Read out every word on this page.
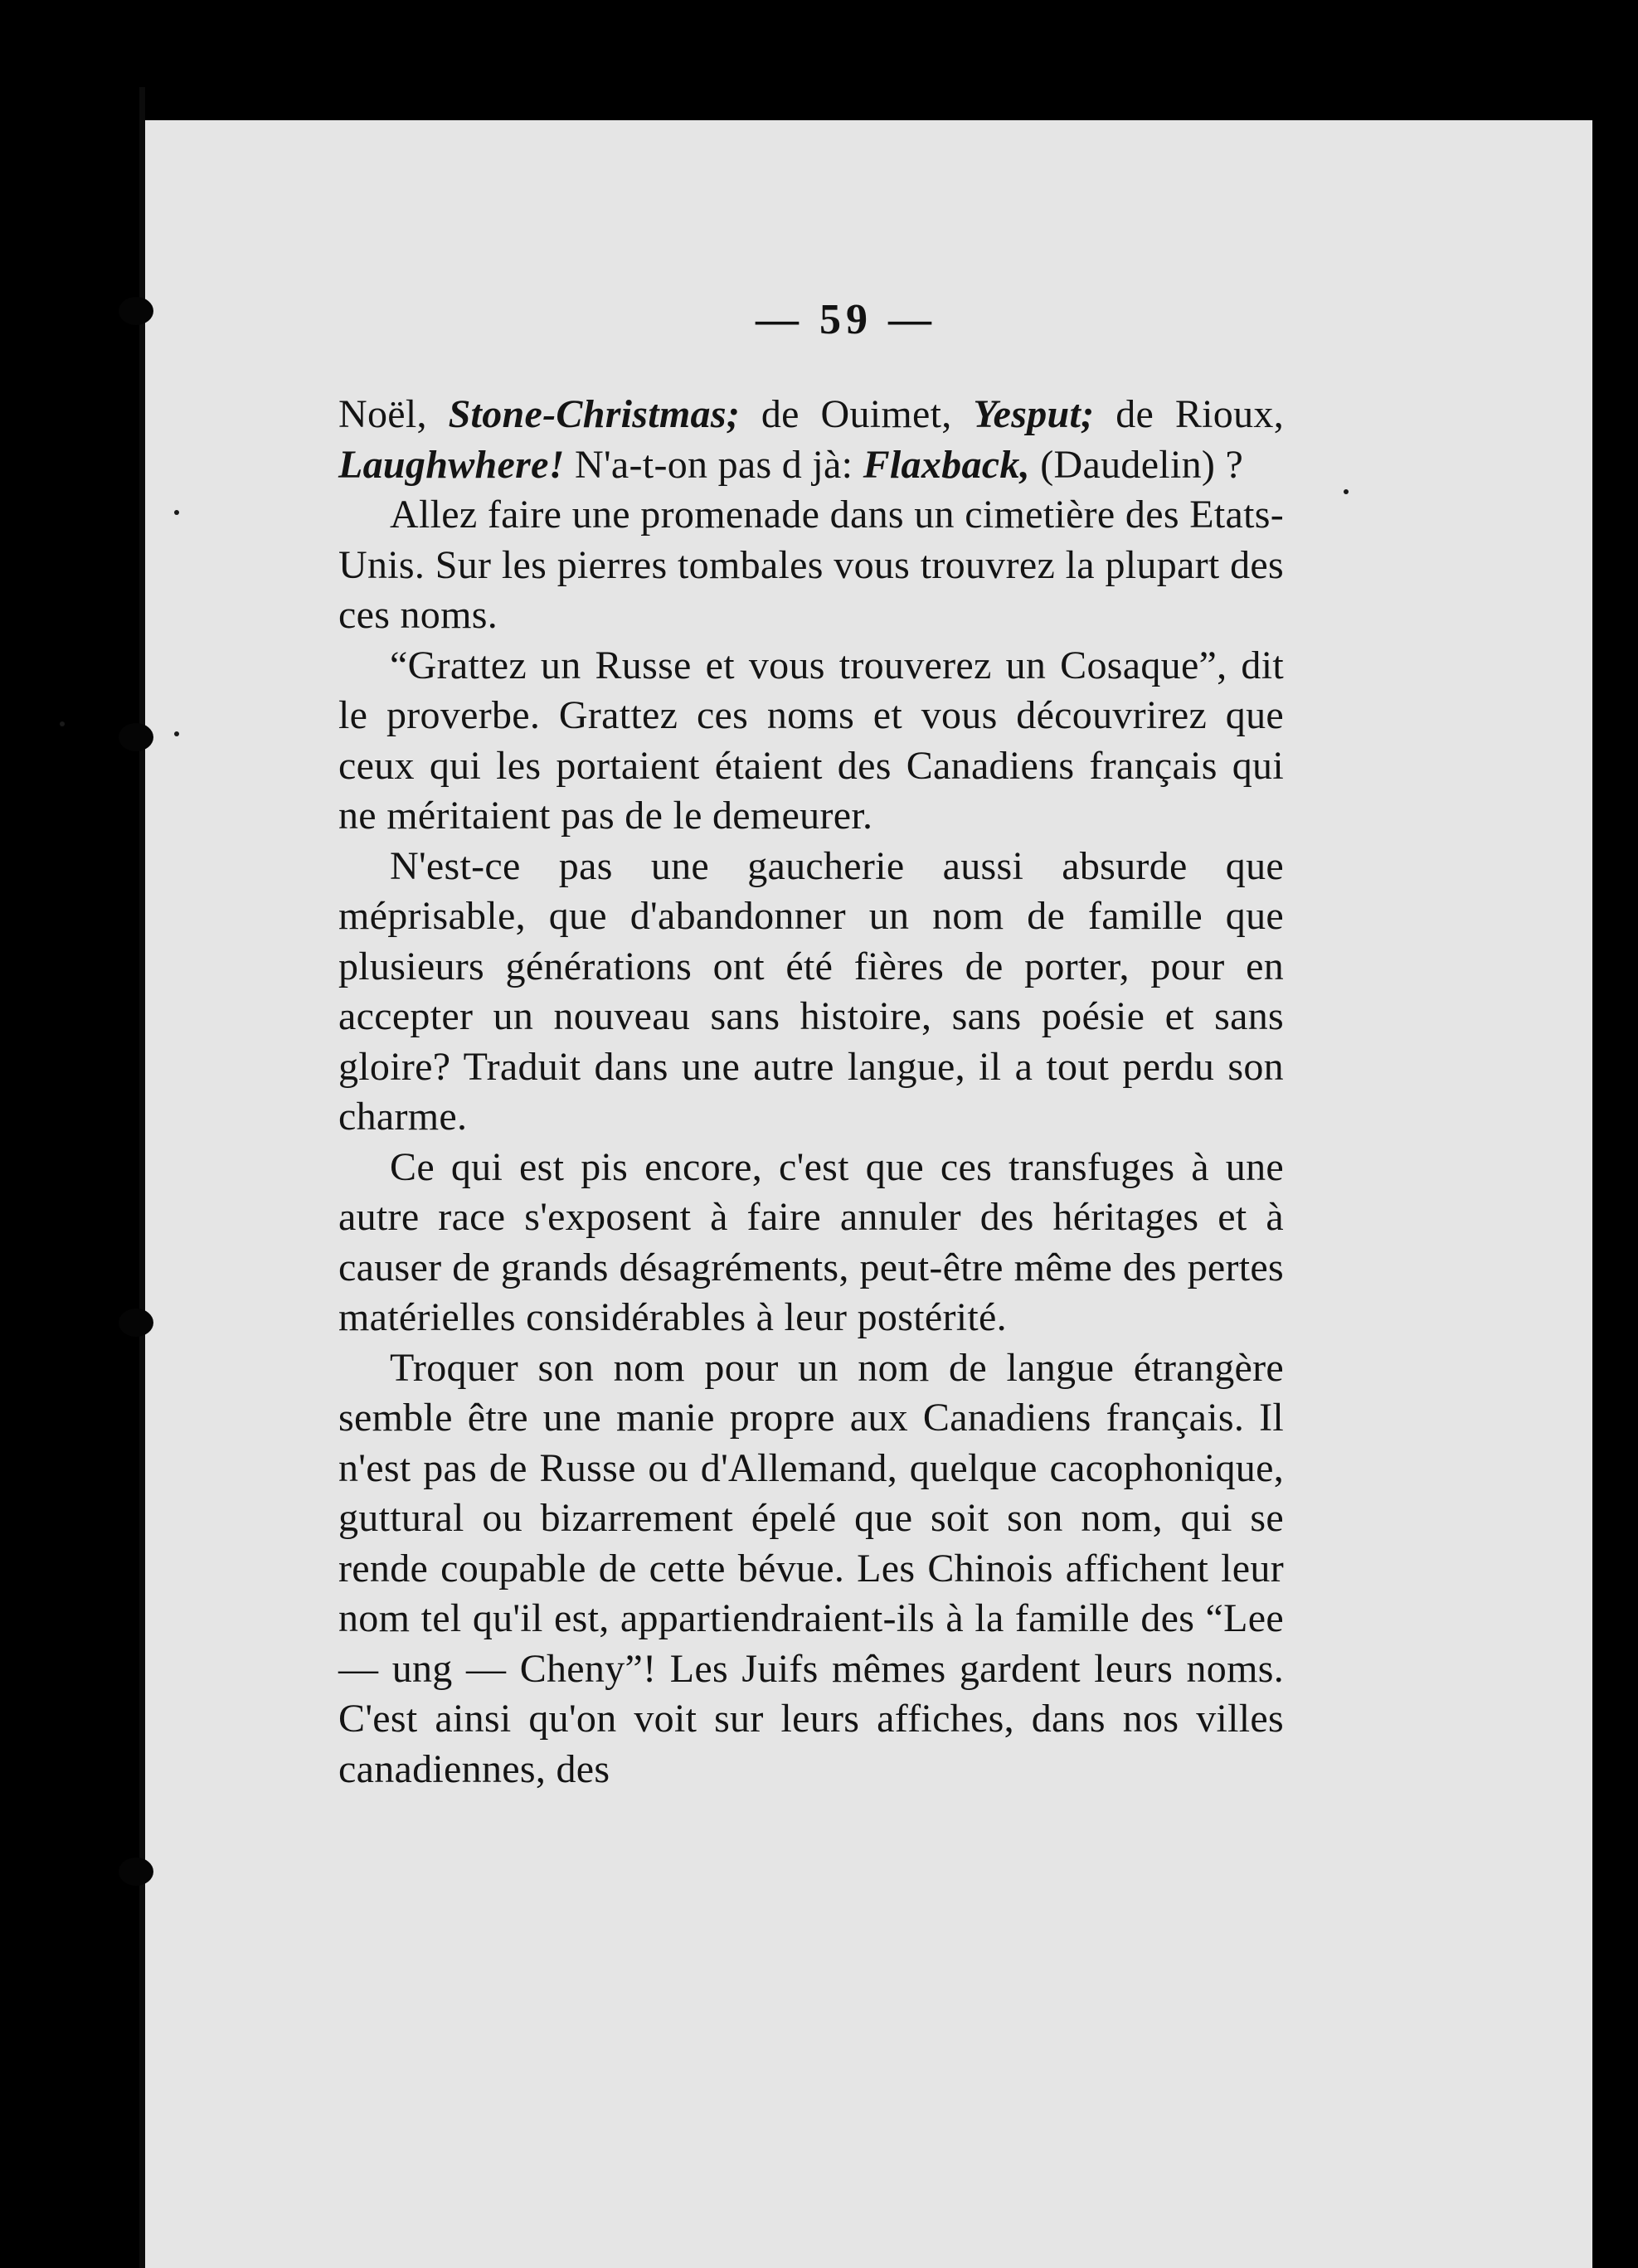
— 59 —

Noël, Stone-Christmas; de Ouimet, Yesput; de Rioux, Laughwhere! N'a-t-on pas d jà: Flaxback, (Daudelin) ?

Allez faire une promenade dans un cimetière des Etats-Unis. Sur les pierres tombales vous trouvrez la plupart des ces noms.

“Grattez un Russe et vous trouverez un Cosaque”, dit le proverbe. Grattez ces noms et vous découvrirez que ceux qui les portaient étaient des Canadiens français qui ne méritaient pas de le demeurer.

N'est-ce pas une gaucherie aussi absurde que méprisable, que d'abandonner un nom de famille que plusieurs générations ont été fières de porter, pour en accepter un nouveau sans histoire, sans poésie et sans gloire? Traduit dans une autre langue, il a tout perdu son charme.

Ce qui est pis encore, c'est que ces transfuges à une autre race s'exposent à faire annuler des héritages et à causer de grands désagréments, peut-être même des pertes matérielles considérables à leur postérité.

Troquer son nom pour un nom de langue étrangère semble être une manie propre aux Canadiens français. Il n'est pas de Russe ou d'Allemand, quelque cacophonique, guttural ou bizarrement épelé que soit son nom, qui se rende coupable de cette bévue. Les Chinois affichent leur nom tel qu'il est, appartiendraient-ils à la famille des “Lee — ung — Cheny”! Les Juifs mêmes gardent leurs noms. C'est ainsi qu'on voit sur leurs affiches, dans nos villes canadiennes, des
